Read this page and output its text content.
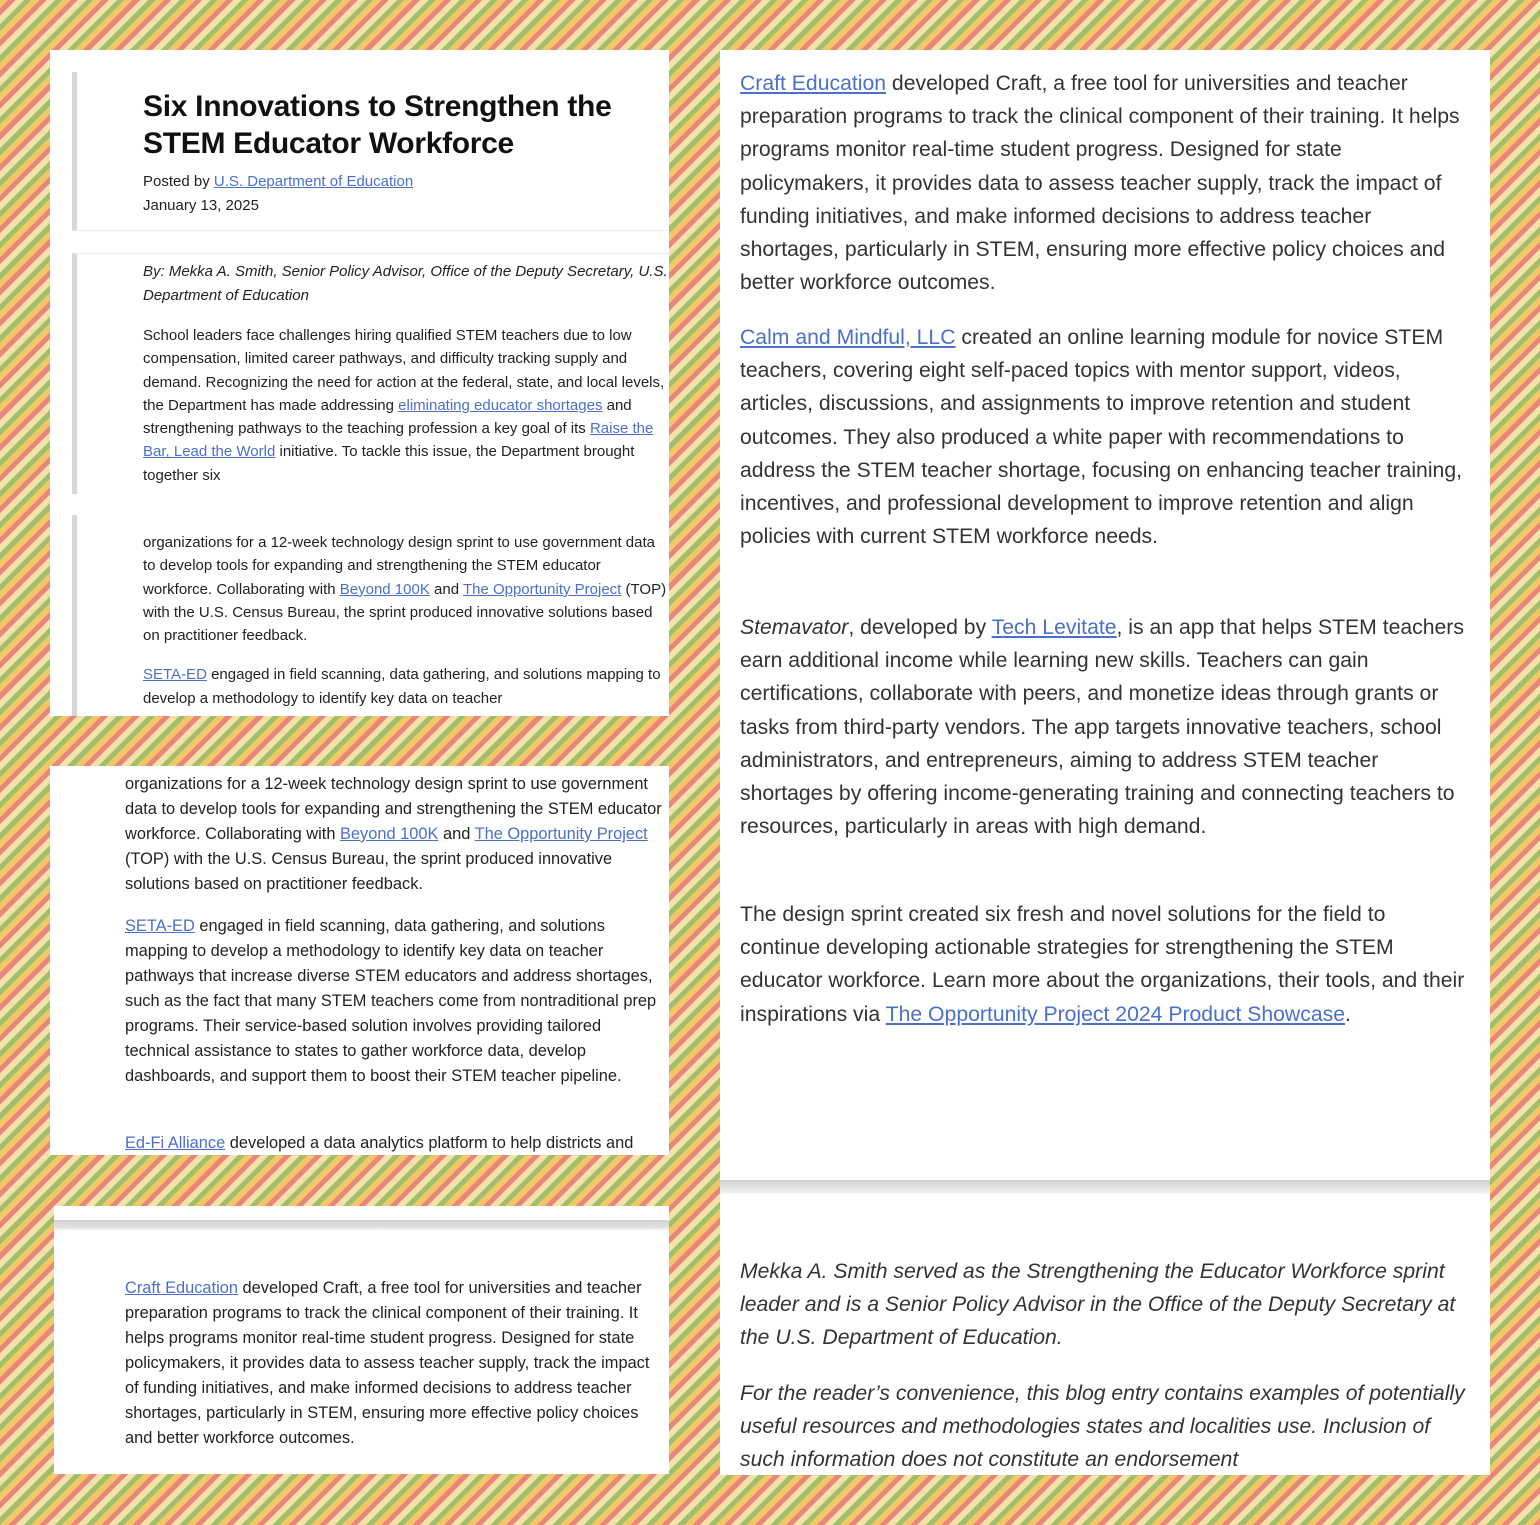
Six Innovations to Strengthen the STEM Educator Workforce
Posted by U.S. Department of Education
January 13, 2025

By: Mekka A. Smith, Senior Policy Advisor, Office of the Deputy Secretary, U.S. Department of Education

School leaders face challenges hiring qualified STEM teachers due to low compensation, limited career pathways, and difficulty tracking supply and demand. Recognizing the need for action at the federal, state, and local levels, the Department has made addressing eliminating educator shortages and strengthening pathways to the teaching profession a key goal of its Raise the Bar, Lead the World initiative. To tackle this issue, the Department brought together six

organizations for a 12-week technology design sprint to use government data to develop tools for expanding and strengthening the STEM educator workforce. Collaborating with Beyond 100K and The Opportunity Project (TOP) with the U.S. Census Bureau, the sprint produced innovative solutions based on practitioner feedback.

SETA-ED engaged in field scanning, data gathering, and solutions mapping to develop a methodology to identify key data on teacher

organizations for a 12-week technology design sprint to use government data to develop tools for expanding and strengthening the STEM educator workforce. Collaborating with Beyond 100K and The Opportunity Project (TOP) with the U.S. Census Bureau, the sprint produced innovative solutions based on practitioner feedback.

SETA-ED engaged in field scanning, data gathering, and solutions mapping to develop a methodology to identify key data on teacher pathways that increase diverse STEM educators and address shortages, such as the fact that many STEM teachers come from nontraditional prep programs. Their service-based solution involves providing tailored technical assistance to states to gather workforce data, develop dashboards, and support them to boost their STEM teacher pipeline.

Ed-Fi Alliance developed a data analytics platform to help districts and

Craft Education developed Craft, a free tool for universities and teacher preparation programs to track the clinical component of their training. It helps programs monitor real-time student progress. Designed for state policymakers, it provides data to assess teacher supply, track the impact of funding initiatives, and make informed decisions to address teacher shortages, particularly in STEM, ensuring more effective policy choices and better workforce outcomes.

Craft Education developed Craft, a free tool for universities and teacher preparation programs to track the clinical component of their training. It helps programs monitor real-time student progress. Designed for state policymakers, it provides data to assess teacher supply, track the impact of funding initiatives, and make informed decisions to address teacher shortages, particularly in STEM, ensuring more effective policy choices and better workforce outcomes.

Calm and Mindful, LLC created an online learning module for novice STEM teachers, covering eight self-paced topics with mentor support, videos, articles, discussions, and assignments to improve retention and student outcomes. They also produced a white paper with recommendations to address the STEM teacher shortage, focusing on enhancing teacher training, incentives, and professional development to improve retention and align policies with current STEM workforce needs.

Stemavator, developed by Tech Levitate, is an app that helps STEM teachers earn additional income while learning new skills. Teachers can gain certifications, collaborate with peers, and monetize ideas through grants or tasks from third-party vendors. The app targets innovative teachers, school administrators, and entrepreneurs, aiming to address STEM teacher shortages by offering income-generating training and connecting teachers to resources, particularly in areas with high demand.

The design sprint created six fresh and novel solutions for the field to continue developing actionable strategies for strengthening the STEM educator workforce. Learn more about the organizations, their tools, and their inspirations via The Opportunity Project 2024 Product Showcase.

Mekka A. Smith served as the Strengthening the Educator Workforce sprint leader and is a Senior Policy Advisor in the Office of the Deputy Secretary at the U.S. Department of Education.

For the reader’s convenience, this blog entry contains examples of potentially useful resources and methodologies states and localities use. Inclusion of such information does not constitute an endorsement
